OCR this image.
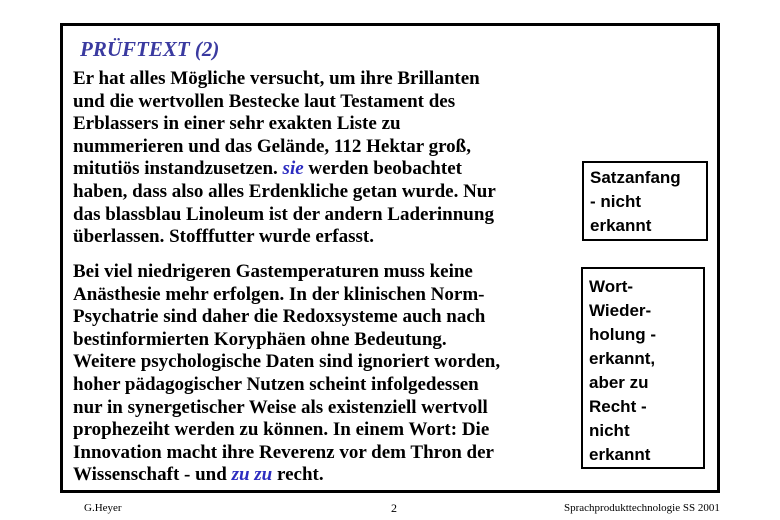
PRÜFTEXT (2)

Er hat alles Mögliche versucht, um ihre Brillanten
und die wertvollen Bestecke laut Testament des
Erblassers in einer sehr exakten Liste zu
nummerieren und das Gelände, 112 Hektar groß,
mitutiös instandzusetzen. sie werden beobachtet
haben, dass also alles Erdenkliche getan wurde. Nur
das blassblau Linoleum ist der andern Laderinnung
überlassen. Stofffutter wurde erfasst.

Bei viel niedrigeren Gastemperaturen muss keine
Anästhesie mehr erfolgen. In der klinischen Norm-
Psychatrie sind daher die Redoxsysteme auch nach
bestinformierten Koryphäen ohne Bedeutung.
Weitere psychologische Daten sind ignoriert worden,
hoher pädagogischer Nutzen scheint infolgedessen
nur in synergetischer Weise als existenziell wertvoll
prophezeiht werden zu können. In einem Wort: Die
Innovation macht ihre Reverenz vor dem Thron der
Wissenschaft - und zu zu recht.

Satzanfang
- nicht
erkannt
Wort-
Wieder-
holung -
erkannt,
aber zu
Recht -
nicht
erkannt
G.Heyer	2	Sprachprodukttechnologie SS 2001
